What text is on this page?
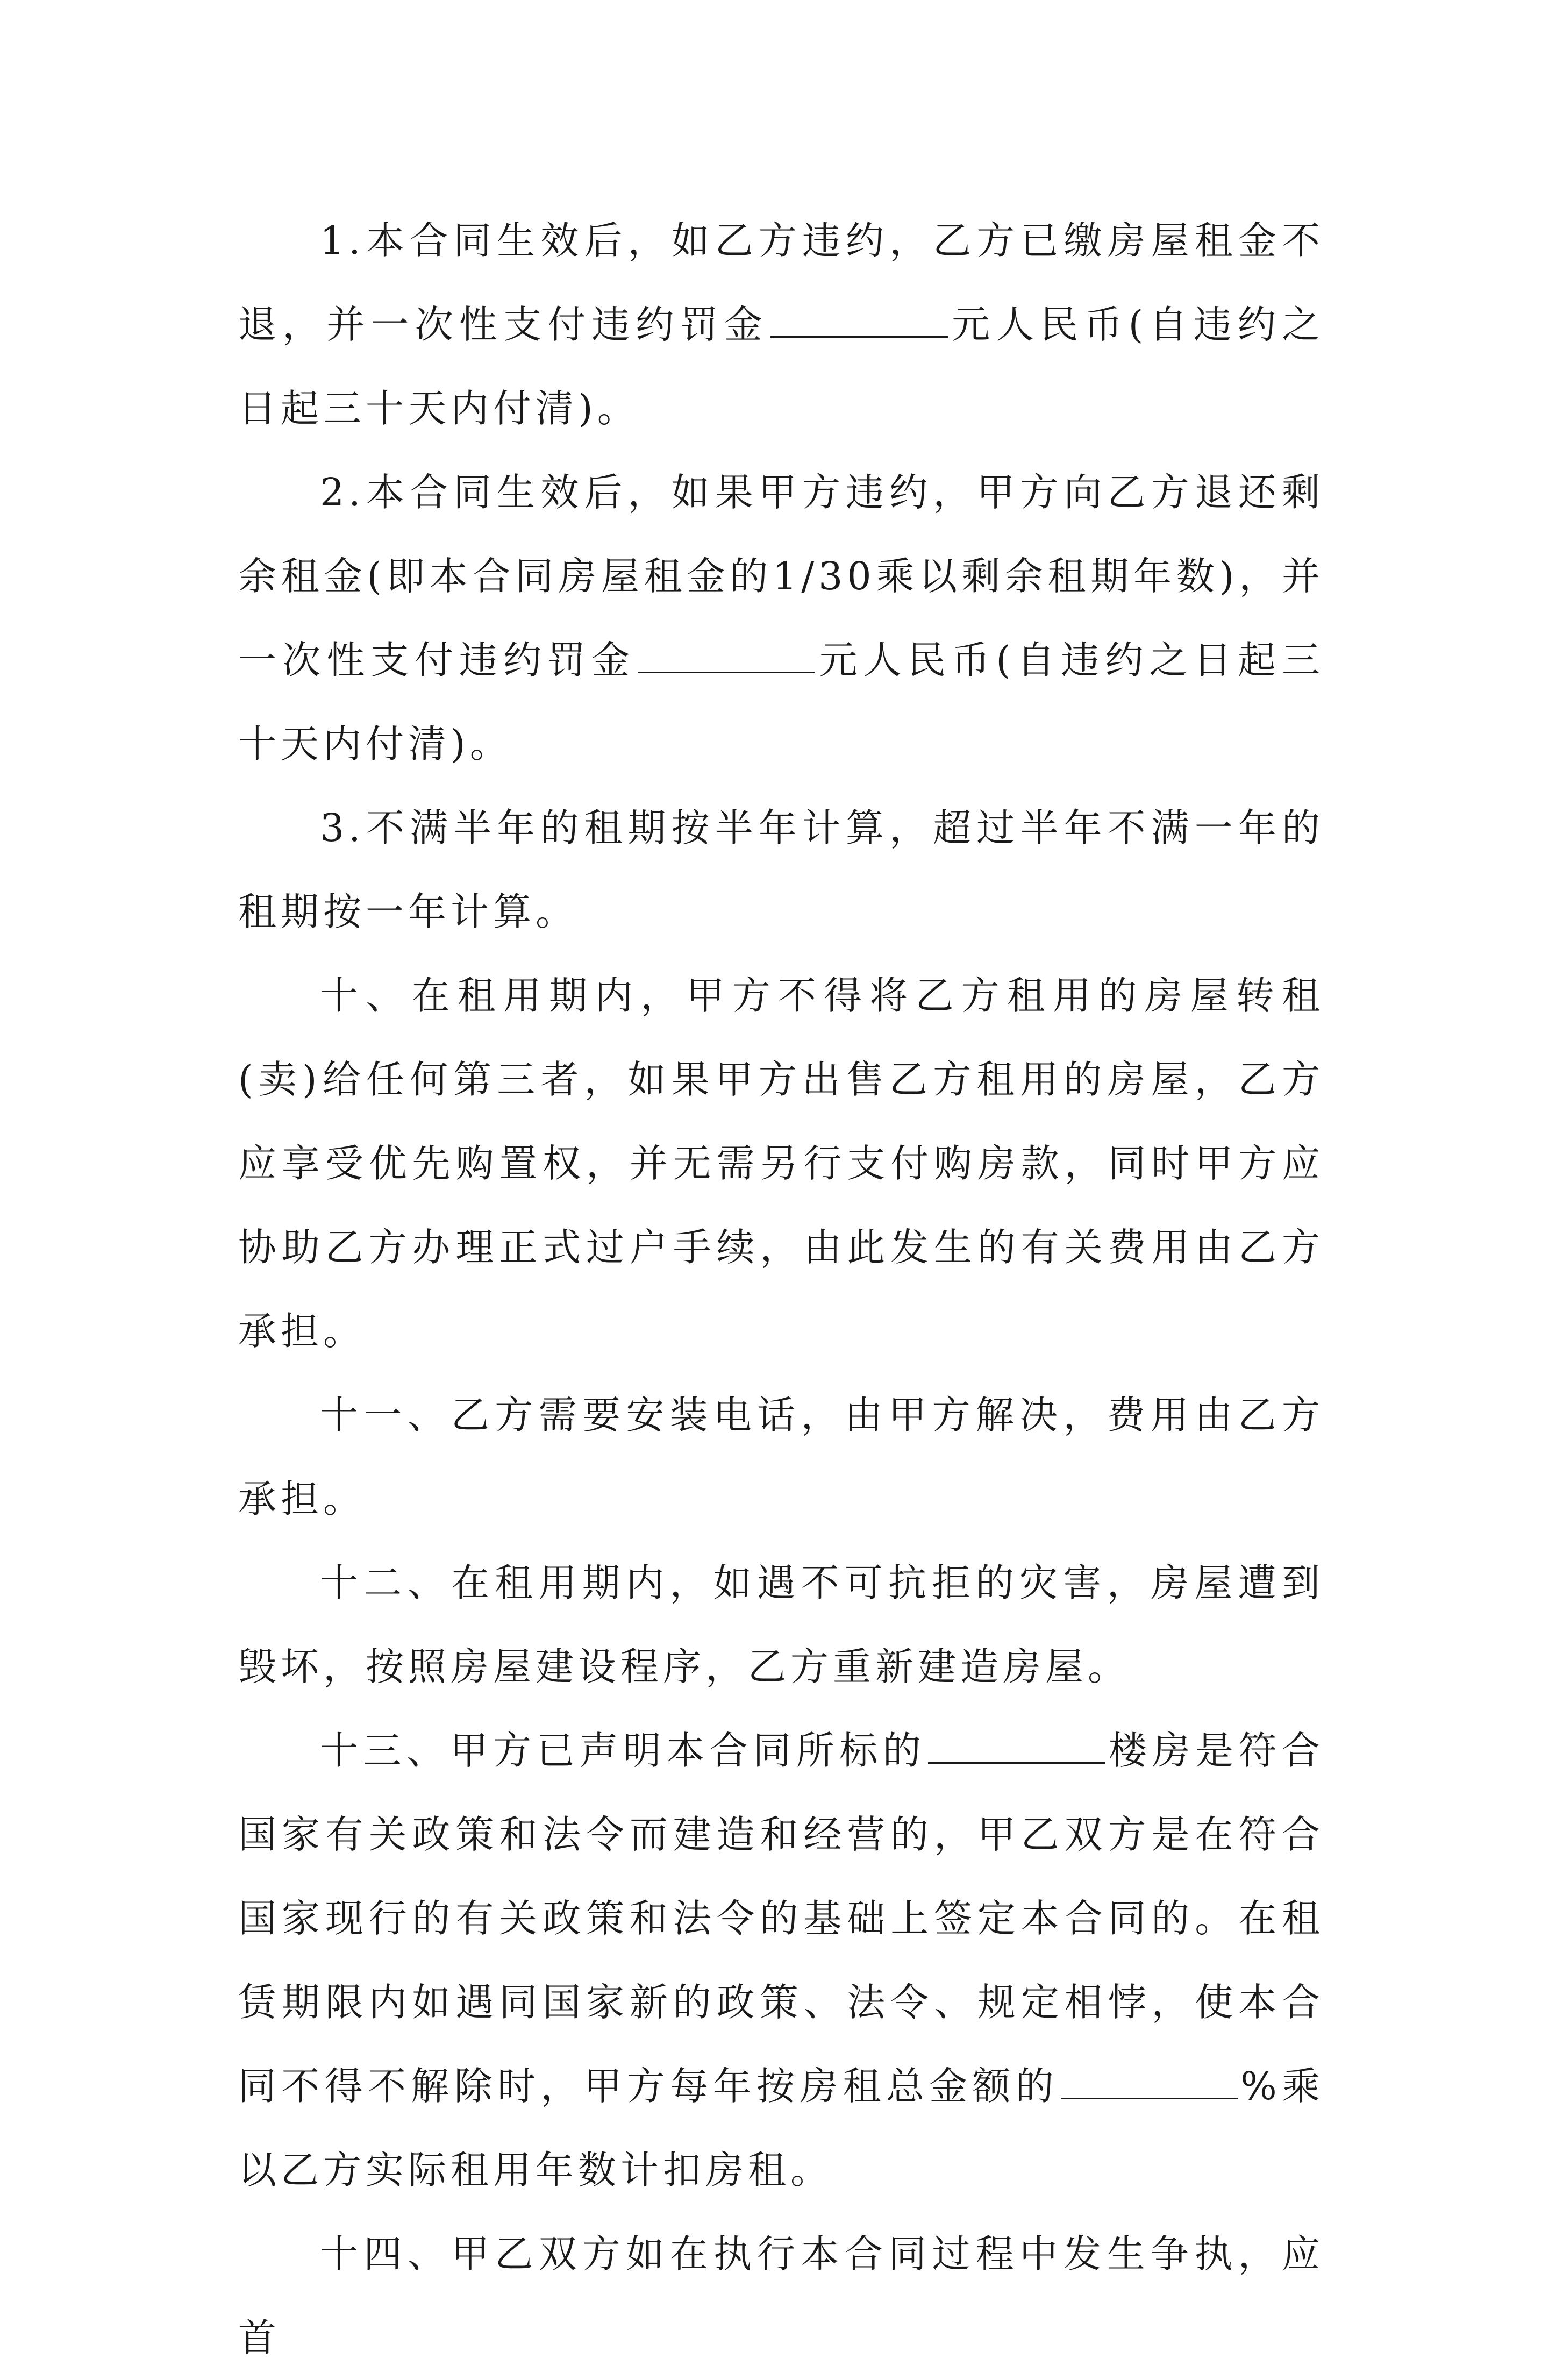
1.本合同生效后，如乙方违约，乙方已缴房屋租金不退，并一次性支付违约罚金	元人民币(自违约之日起三十天内付清)。

2.本合同生效后，如果甲方违约，甲方向乙方退还剩余租金(即本合同房屋租金的1/30乘以剩余租期年数)，并一次性支付违约罚金	元人民币(自违约之日起三十天内付清)。

3.不满半年的租期按半年计算，超过半年不满一年的租期按一年计算。

十、在租用期内，甲方不得将乙方租用的房屋转租(卖)给任何第三者，如果甲方出售乙方租用的房屋，乙方应享受优先购置权，并无需另行支付购房款，同时甲方应协助乙方办理正式过户手续，由此发生的有关费用由乙方承担。

十一、乙方需要安装电话，由甲方解决，费用由乙方承担。

十二、在租用期内，如遇不可抗拒的灾害，房屋遭到毁坏，按照房屋建设程序，乙方重新建造房屋。

十三、甲方已声明本合同所标的	楼房是符合国家有关政策和法令而建造和经营的，甲乙双方是在符合国家现行的有关政策和法令的基础上签定本合同的。在租赁期限内如遇同国家新的政策、法令、规定相悖，使本合同不得不解除时，甲方每年按房租总金额的	%乘以乙方实际租用年数计扣房租。

十四、甲乙双方如在执行本合同过程中发生争执，应首
